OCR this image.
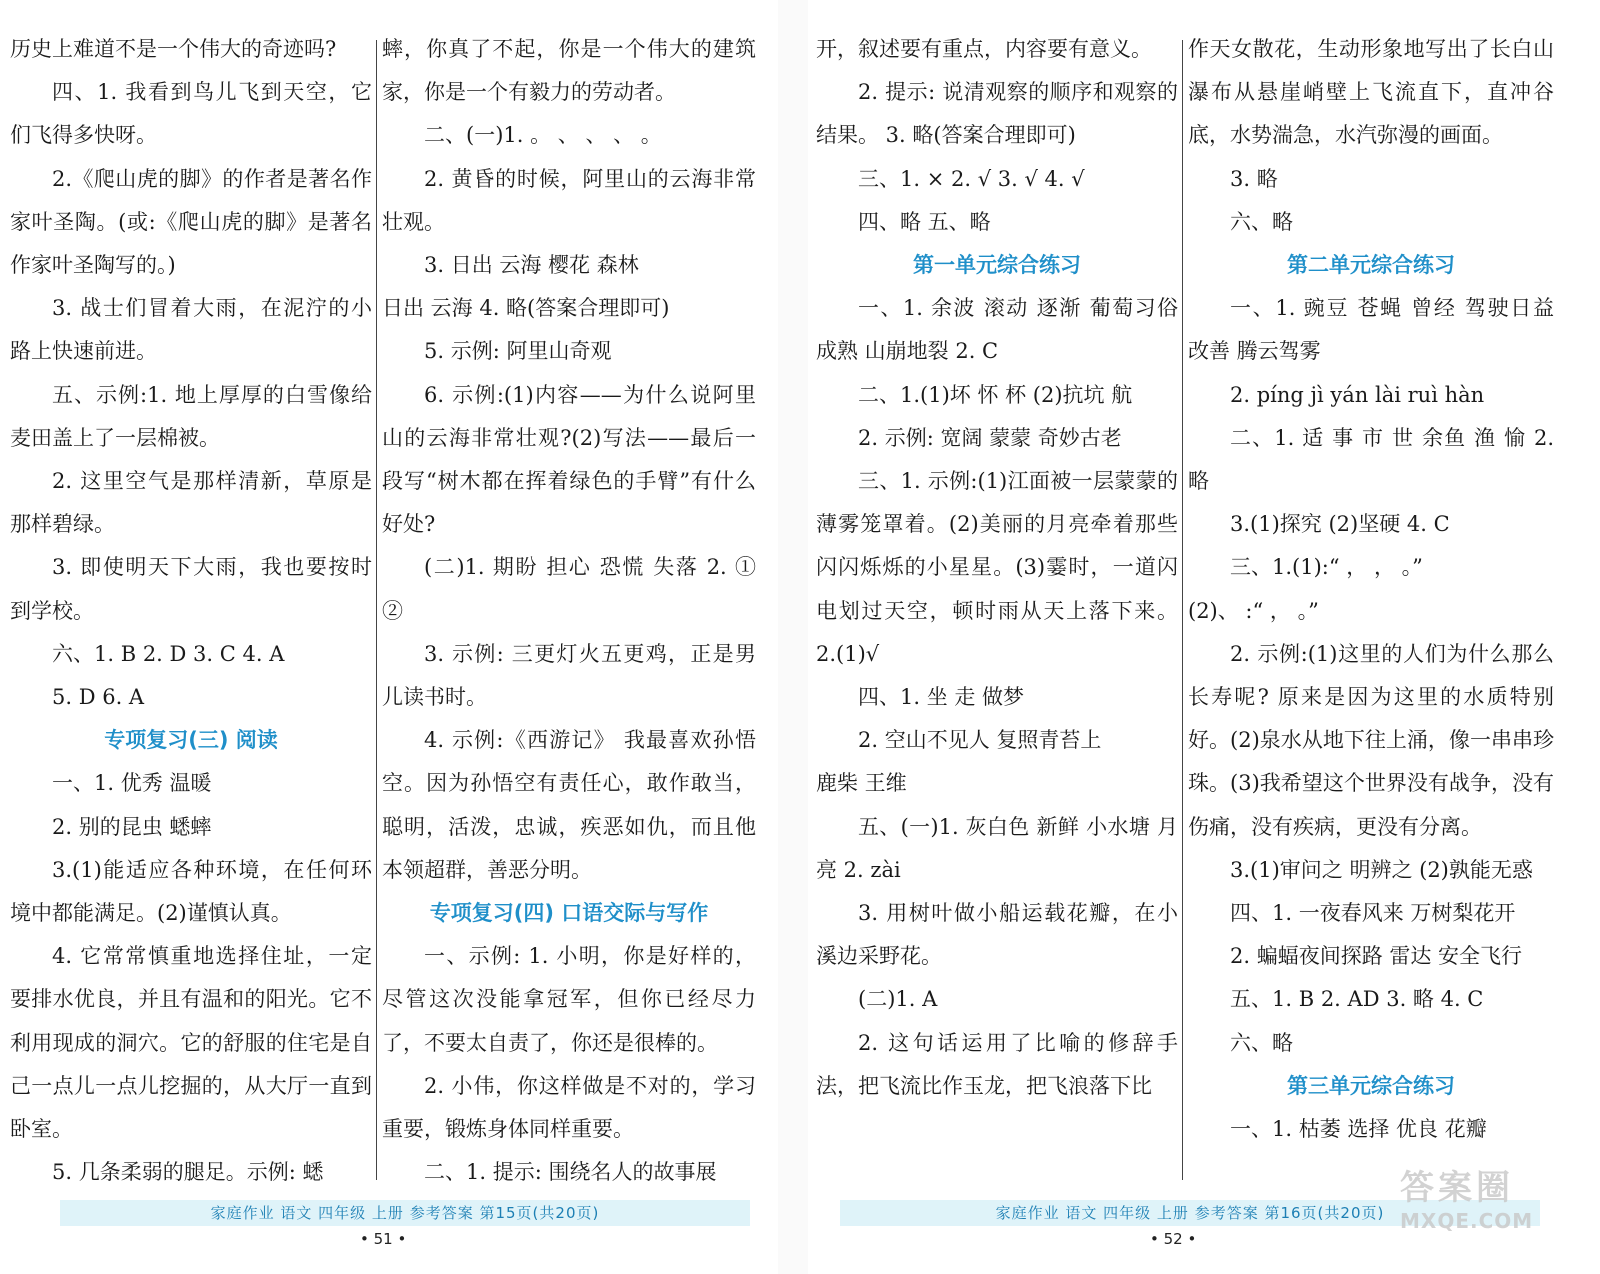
历史上难道不是一个伟大的奇迹吗?

四、1. 我看到鸟儿飞到天空，它们飞得多快呀。

2.《爬山虎的脚》的作者是著名作家叶圣陶。(或:《爬山虎的脚》是著名作家叶圣陶写的。)

3. 战士们冒着大雨，在泥泞的小路上快速前进。

五、示例:1. 地上厚厚的白雪像给麦田盖上了一层棉被。

2. 这里空气是那样清新，草原是那样碧绿。

3. 即使明天下大雨，我也要按时到学校。

六、1. B 2. D 3. C 4. A

5. D 6. A

专项复习(三) 阅读

一、1. 优秀 温暖

2. 别的昆虫 蟋蟀

3.(1)能适应各种环境，在任何环境中都能满足。(2)谨慎认真。

4. 它常常慎重地选择住址，一定要排水优良，并且有温和的阳光。它不利用现成的洞穴。它的舒服的住宅是自己一点儿一点儿挖掘的，从大厅一直到卧室。

5. 几条柔弱的腿足。示例: 蟋

蟀，你真了不起，你是一个伟大的建筑家，你是一个有毅力的劳动者。

二、(一)1. 。 、 、 、 。

2. 黄昏的时候，阿里山的云海非常壮观。

3. 日出 云海 樱花 森林

日出 云海 4. 略(答案合理即可)

5. 示例: 阿里山奇观

6. 示例:(1)内容——为什么说阿里山的云海非常壮观?(2)写法——最后一段写“树木都在挥着绿色的手臂”有什么好处?

(二)1. 期盼 担心 恐慌 失落 2. ① ②

3. 示例: 三更灯火五更鸡，正是男儿读书时。

4. 示例:《西游记》 我最喜欢孙悟空。因为孙悟空有责任心，敢作敢当，聪明，活泼，忠诚，疾恶如仇，而且他本领超群，善恶分明。

专项复习(四) 口语交际与写作

一、示例: 1. 小明，你是好样的，尽管这次没能拿冠军，但你已经尽力了，不要太自责了，你还是很棒的。

2. 小伟，你这样做是不对的，学习重要，锻炼身体同样重要。

二、1. 提示: 围绕名人的故事展

开，叙述要有重点，内容要有意义。

2. 提示: 说清观察的顺序和观察的结果。 3. 略(答案合理即可)

三、1. × 2. √ 3. √ 4. √

四、略 五、略

第一单元综合练习

一、1. 余波 滚动 逐渐 葡萄习俗 成熟 山崩地裂 2. C

二、1.(1)坏 怀 杯 (2)抗坑 航

2. 示例: 宽阔 蒙蒙 奇妙古老

三、1. 示例:(1)江面被一层蒙蒙的薄雾笼罩着。(2)美丽的月亮牵着那些闪闪烁烁的小星星。(3)霎时，一道闪电划过天空，顿时雨从天上落下来。 2.(1)√

四、1. 坐 走 做梦

2. 空山不见人 复照青苔上

鹿柴 王维

五、(一)1. 灰白色 新鲜 小水塘 月亮 2. zài

3. 用树叶做小船运载花瓣，在小溪边采野花。

(二)1. A

2. 这句话运用了比喻的修辞手法，把飞流比作玉龙，把飞浪落下比

作天女散花，生动形象地写出了长白山瀑布从悬崖峭壁上飞流直下，直冲谷底，水势湍急，水汽弥漫的画面。

3. 略

六、略

第二单元综合练习

一、1. 豌豆 苍蝇 曾经 驾驶日益 改善 腾云驾雾

2. píng jì yán lài ruì hàn

二、1. 适 事 市 世 余鱼 渔 愉 2. 略

3.(1)探究 (2)坚硬 4. C

三、1.(1):“ ， ， 。”

(2)、 :“ ， 。”

2. 示例:(1)这里的人们为什么那么长寿呢? 原来是因为这里的水质特别好。(2)泉水从地下往上涌，像一串串珍珠。(3)我希望这个世界没有战争，没有伤痛，没有疾病，更没有分离。

3.(1)审问之 明辨之 (2)孰能无惑

四、1. 一夜春风来 万树梨花开

2. 蝙蝠夜间探路 雷达 安全飞行

五、1. B 2. AD 3. 略 4. C

六、略

第三单元综合练习

一、1. 枯萎 选择 优良 花瓣

家庭作业 语文 四年级 上册 参考答案 第15页(共20页)
• 51 •
家庭作业 语文 四年级 上册 参考答案 第16页(共20页)
• 52 •
答案圈
MXQE.COM
